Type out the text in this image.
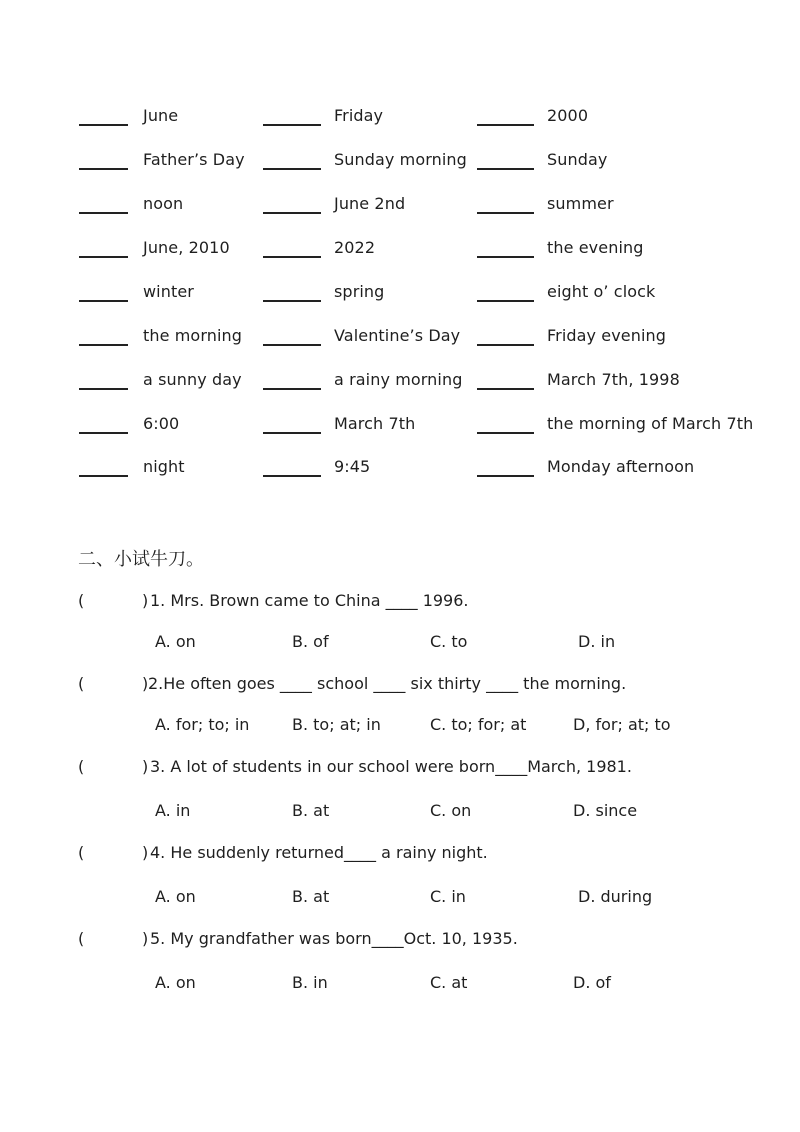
June	Friday	2000
Father’s Day	Sunday morning	Sunday
noon	June 2nd	summer
June, 2010	2022	the evening
winter	spring	eight o’ clock
the morning	Valentine’s Day	Friday evening
a sunny day	a rainy morning	March 7th, 1998
6:00	March 7th	the morning of March 7th
night	9:45	Monday afternoon
二、小试牛刀。
(	) 1. Mrs. Brown came to China ____ 1996.
A. on	B. of	C. to	D. in
(	) 2.He often goes ____ school ____ six thirty ____ the morning.
A. for; to; in	B. to; at; in	C. to; for; at	D, for; at; to
(	) 3. A lot of students in our school were born____March, 1981.
A. in	B. at	C. on	D. since
(	) 4. He suddenly returned____ a rainy night.
A. on	B. at	C. in	D. during
(	) 5. My grandfather was born____Oct. 10, 1935.
A. on	B. in	C. at	D. of
